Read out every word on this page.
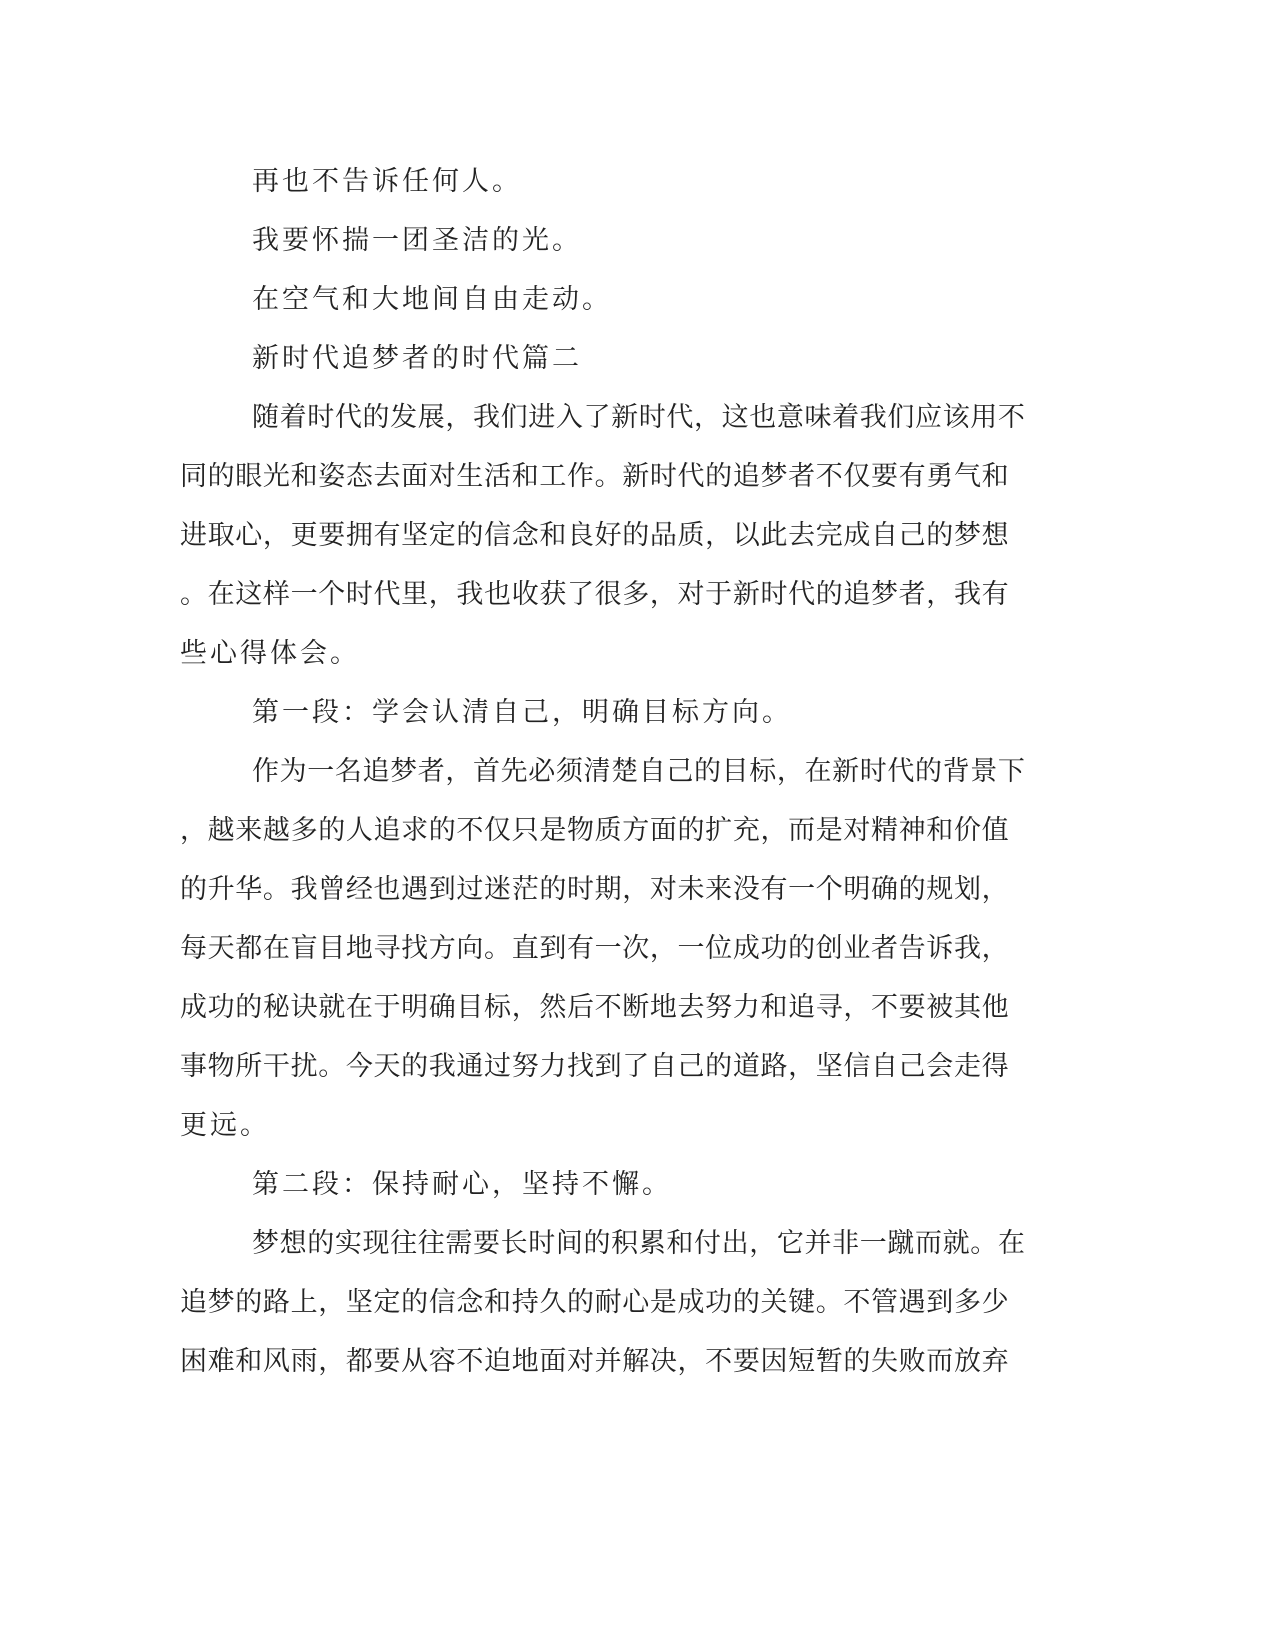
再也不告诉任何人。

我要怀揣一团圣洁的光。

在空气和大地间自由走动。

新时代追梦者的时代篇二

随 着 时 代 的 发 展 ， 我 们 进 入 了 新 时 代 ， 这 也 意 味 着 我 们 应 该 用 不

同 的 眼 光 和 姿 态 去 面 对 生 活 和 工 作 。 新 时 代 的 追 梦 者 不 仅 要 有 勇 气 和

进 取 心 ， 更 要 拥 有 坚 定 的 信 念 和 良 好 的 品 质 ， 以 此 去 完 成 自 己 的 梦 想

。 在 这 样 一 个 时 代 里 ， 我 也 收 获 了 很 多 ， 对 于 新 时 代 的 追 梦 者 ， 我 有

些心得体会。

第一段：学会认清自己，明确目标方向。

作 为 一 名 追 梦 者 ， 首 先 必 须 清 楚 自 己 的 目 标 ， 在 新 时 代 的 背 景 下

， 越 来 越 多 的 人 追 求 的 不 仅 只 是 物 质 方 面 的 扩 充 ， 而 是 对 精 神 和 价 值

的 升 华 。 我 曾 经 也 遇 到 过 迷 茫 的 时 期 ， 对 未 来 没 有 一 个 明 确 的 规 划 ，

每 天 都 在 盲 目 地 寻 找 方 向 。 直 到 有 一 次 ， 一 位 成 功 的 创 业 者 告 诉 我 ，

成 功 的 秘 诀 就 在 于 明 确 目 标 ， 然 后 不 断 地 去 努 力 和 追 寻 ， 不 要 被 其 他

事 物 所 干 扰 。 今 天 的 我 通 过 努 力 找 到 了 自 己 的 道 路 ， 坚 信 自 己 会 走 得

更远。

第二段：保持耐心，坚持不懈。

梦 想 的 实 现 往 往 需 要 长 时 间 的 积 累 和 付 出 ， 它 并 非 一 蹴 而 就 。 在

追 梦 的 路 上 ， 坚 定 的 信 念 和 持 久 的 耐 心 是 成 功 的 关 键 。 不 管 遇 到 多 少

困 难 和 风 雨 ， 都 要 从 容 不 迫 地 面 对 并 解 决 ， 不 要 因 短 暂 的 失 败 而 放 弃
